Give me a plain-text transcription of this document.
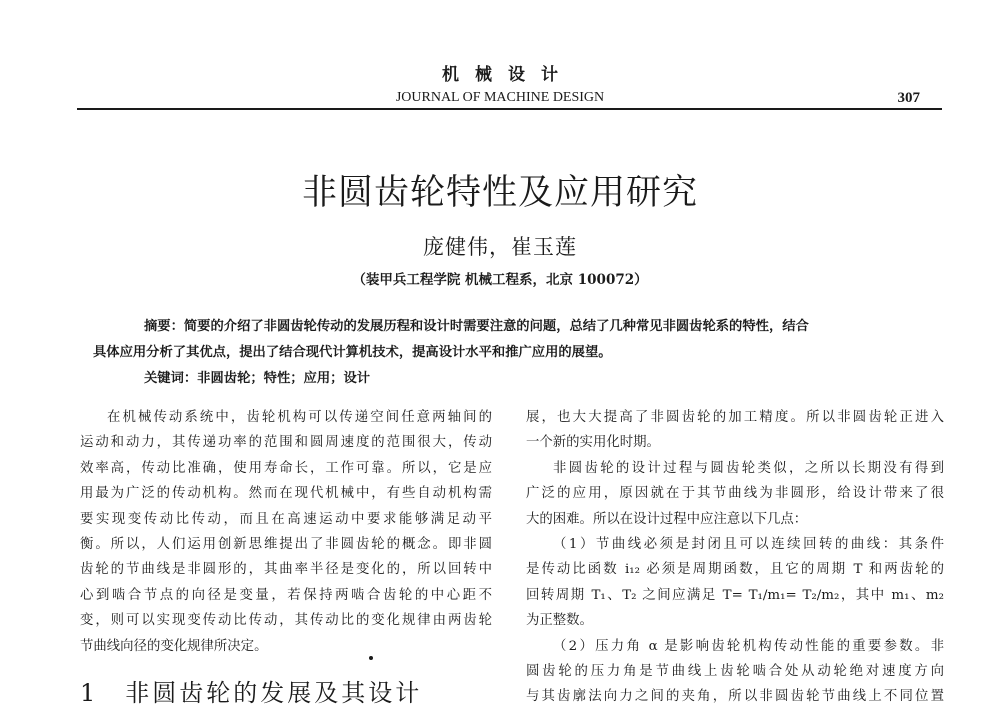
机械设计
JOURNAL OF MACHINE DESIGN	307
非圆齿轮特性及应用研究
庞健伟，崔玉莲
（装甲兵工程学院 机械工程系，北京 100072）
摘要：简要的介绍了非圆齿轮传动的发展历程和设计时需要注意的问题，总结了几种常见非圆齿轮系的特性，结合
具体应用分析了其优点，提出了结合现代计算机技术，提高设计水平和推广应用的展望。
关键词：非圆齿轮；特性；应用；设计
在机械传动系统中，齿轮机构可以传递空间任意两轴间的
运动和动力，其传递功率的范围和圆周速度的范围很大，传动
效率高，传动比准确，使用寿命长，工作可靠。所以，它是应
用最为广泛的传动机构。然而在现代机械中，有些自动机构需
要实现变传动比传动，而且在高速运动中要求能够满足动平
衡。所以，人们运用创新思维提出了非圆齿轮的概念。即非圆
齿轮的节曲线是非圆形的，其曲率半径是变化的，所以回转中
心到啮合节点的向径是变量，若保持两啮合齿轮的中心距不
变，则可以实现变传动比传动，其传动比的变化规律由两齿轮
节曲线向径的变化规律所决定。
展，也大大提高了非圆齿轮的加工精度。所以非圆齿轮正进入
一个新的实用化时期。
非圆齿轮的设计过程与圆齿轮类似，之所以长期没有得到
广泛的应用，原因就在于其节曲线为非圆形，给设计带来了很
大的困难。所以在设计过程中应注意以下几点：
（1）节曲线必须是封闭且可以连续回转的曲线：其条件
是传动比函数 i₁₂ 必须是周期函数，且它的周期 T 和两齿轮的
回转周期 T₁、T₂ 之间应满足 T= T₁/m₁= T₂/m₂，其中 m₁、m₂
为正整数。
（2）压力角 α 是影响齿轮机构传动性能的重要参数。非
圆齿轮的压力角是节曲线上齿轮啮合处从动轮绝对速度方向
与其齿廓法向力之间的夹角，所以非圆齿轮节曲线上不同位置
1　非圆齿轮的发展及其设计
